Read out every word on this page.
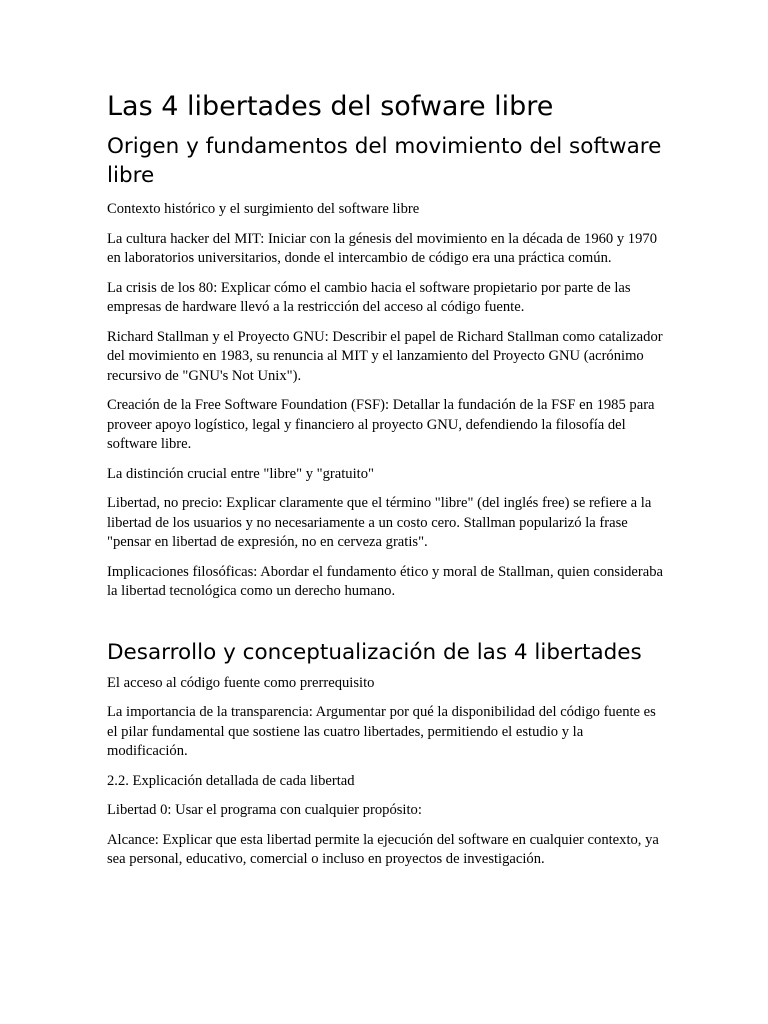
Las 4 libertades del sofware libre
Origen y fundamentos del movimiento del software libre

Contexto histórico y el surgimiento del software libre

La cultura hacker del MIT: Iniciar con la génesis del movimiento en la década de 1960 y 1970 en laboratorios universitarios, donde el intercambio de código era una práctica común.

La crisis de los 80: Explicar cómo el cambio hacia el software propietario por parte de las empresas de hardware llevó a la restricción del acceso al código fuente.

Richard Stallman y el Proyecto GNU: Describir el papel de Richard Stallman como catalizador del movimiento en 1983, su renuncia al MIT y el lanzamiento del Proyecto GNU (acrónimo recursivo de "GNU's Not Unix").

Creación de la Free Software Foundation (FSF): Detallar la fundación de la FSF en 1985 para proveer apoyo logístico, legal y financiero al proyecto GNU, defendiendo la filosofía del software libre.

La distinción crucial entre "libre" y "gratuito"

Libertad, no precio: Explicar claramente que el término "libre" (del inglés free) se refiere a la libertad de los usuarios y no necesariamente a un costo cero. Stallman popularizó la frase "pensar en libertad de expresión, no en cerveza gratis".

Implicaciones filosóficas: Abordar el fundamento ético y moral de Stallman, quien consideraba la libertad tecnológica como un derecho humano.

Desarrollo y conceptualización de las 4 libertades

El acceso al código fuente como prerrequisito

La importancia de la transparencia: Argumentar por qué la disponibilidad del código fuente es el pilar fundamental que sostiene las cuatro libertades, permitiendo el estudio y la modificación.

2.2. Explicación detallada de cada libertad

Libertad 0: Usar el programa con cualquier propósito:

Alcance: Explicar que esta libertad permite la ejecución del software en cualquier contexto, ya sea personal, educativo, comercial o incluso en proyectos de investigación.
